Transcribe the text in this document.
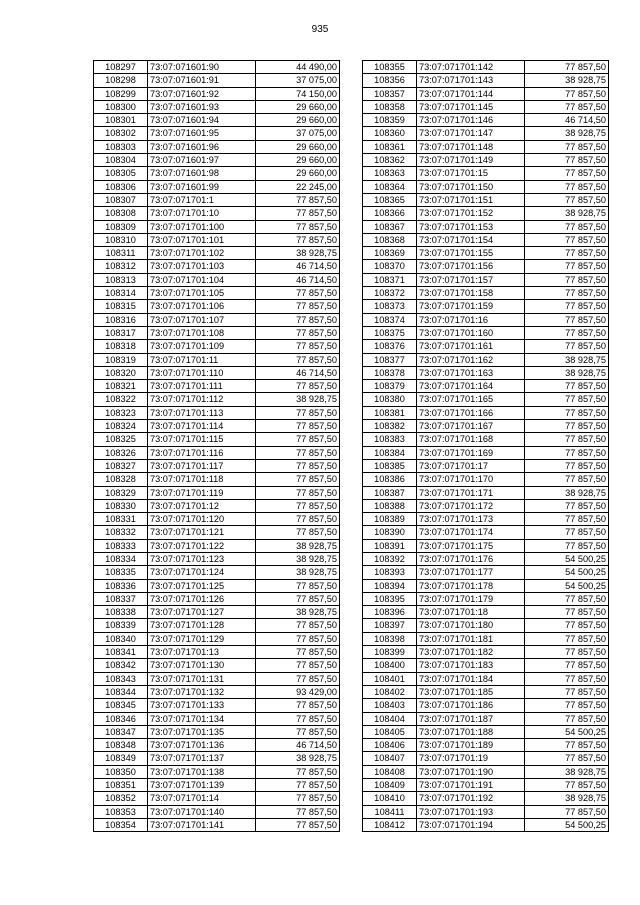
935
108297	73:07:071601:90	44 490,00
108298	73:07:071601:91	37 075,00
108299	73:07:071601:92	74 150,00
108300	73:07:071601:93	29 660,00
108301	73:07:071601:94	29 660,00
108302	73:07:071601:95	37 075,00
108303	73:07:071601:96	29 660,00
108304	73:07:071601:97	29 660,00
108305	73:07:071601:98	29 660,00
108306	73:07:071601:99	22 245,00
108307	73:07:071701:1	77 857,50
108308	73:07:071701:10	77 857,50
108309	73:07:071701:100	77 857,50
108310	73:07:071701:101	77 857,50
108311	73:07:071701:102	38 928,75
108312	73:07:071701:103	46 714,50
108313	73:07:071701:104	46 714,50
108314	73:07:071701:105	77 857,50
108315	73:07:071701:106	77 857,50
108316	73:07:071701:107	77 857,50
108317	73:07:071701:108	77 857,50
108318	73:07:071701:109	77 857,50
108319	73:07:071701:11	77 857,50
108320	73:07:071701:110	46 714,50
108321	73:07:071701:111	77 857,50
108322	73:07:071701:112	38 928,75
108323	73:07:071701:113	77 857,50
108324	73:07:071701:114	77 857,50
108325	73:07:071701:115	77 857,50
108326	73:07:071701:116	77 857,50
108327	73:07:071701:117	77 857,50
108328	73:07:071701:118	77 857,50
108329	73:07:071701:119	77 857,50
108330	73:07:071701:12	77 857,50
108331	73:07:071701:120	77 857,50
108332	73:07:071701:121	77 857,50
108333	73:07:071701:122	38 928,75
108334	73:07:071701:123	38 928,75
108335	73:07:071701:124	38 928,75
108336	73:07:071701:125	77 857,50
108337	73:07:071701:126	77 857,50
108338	73:07:071701:127	38 928,75
108339	73:07:071701:128	77 857,50
108340	73:07:071701:129	77 857,50
108341	73:07:071701:13	77 857,50
108342	73:07:071701:130	77 857,50
108343	73:07:071701:131	77 857,50
108344	73:07:071701:132	93 429,00
108345	73:07:071701:133	77 857,50
108346	73:07:071701:134	77 857,50
108347	73:07:071701:135	77 857,50
108348	73:07:071701:136	46 714,50
108349	73:07:071701:137	38 928,75
108350	73:07:071701:138	77 857,50
108351	73:07:071701:139	77 857,50
108352	73:07:071701:14	77 857,50
108353	73:07:071701:140	77 857,50
108354	73:07:071701:141	77 857,50
108355	73:07:071701:142	77 857,50
108356	73:07:071701:143	38 928,75
108357	73:07:071701:144	77 857,50
108358	73:07:071701:145	77 857,50
108359	73:07:071701:146	46 714,50
108360	73:07:071701:147	38 928,75
108361	73:07:071701:148	77 857,50
108362	73:07:071701:149	77 857,50
108363	73:07:071701:15	77 857,50
108364	73:07:071701:150	77 857,50
108365	73:07:071701:151	77 857,50
108366	73:07:071701:152	38 928,75
108367	73:07:071701:153	77 857,50
108368	73:07:071701:154	77 857,50
108369	73:07:071701:155	77 857,50
108370	73:07:071701:156	77 857,50
108371	73:07:071701:157	77 857,50
108372	73:07:071701:158	77 857,50
108373	73:07:071701:159	77 857,50
108374	73:07:071701:16	77 857,50
108375	73:07:071701:160	77 857,50
108376	73:07:071701:161	77 857,50
108377	73:07:071701:162	38 928,75
108378	73:07:071701:163	38 928,75
108379	73:07:071701:164	77 857,50
108380	73:07:071701:165	77 857,50
108381	73:07:071701:166	77 857,50
108382	73:07:071701:167	77 857,50
108383	73:07:071701:168	77 857,50
108384	73:07:071701:169	77 857,50
108385	73:07:071701:17	77 857,50
108386	73:07:071701:170	77 857,50
108387	73:07:071701:171	38 928,75
108388	73:07:071701:172	77 857,50
108389	73:07:071701:173	77 857,50
108390	73:07:071701:174	77 857,50
108391	73:07:071701:175	77 857,50
108392	73:07:071701:176	54 500,25
108393	73:07:071701:177	54 500,25
108394	73:07:071701:178	54 500,25
108395	73:07:071701:179	77 857,50
108396	73:07:071701:18	77 857,50
108397	73:07:071701:180	77 857,50
108398	73:07:071701:181	77 857,50
108399	73:07:071701:182	77 857,50
108400	73:07:071701:183	77 857,50
108401	73:07:071701:184	77 857,50
108402	73:07:071701:185	77 857,50
108403	73:07:071701:186	77 857,50
108404	73:07:071701:187	77 857,50
108405	73:07:071701:188	54 500,25
108406	73:07:071701:189	77 857,50
108407	73:07:071701:19	77 857,50
108408	73:07:071701:190	38 928,75
108409	73:07:071701:191	77 857,50
108410	73:07:071701:192	38 928,75
108411	73:07:071701:193	77 857,50
108412	73:07:071701:194	54 500,25
